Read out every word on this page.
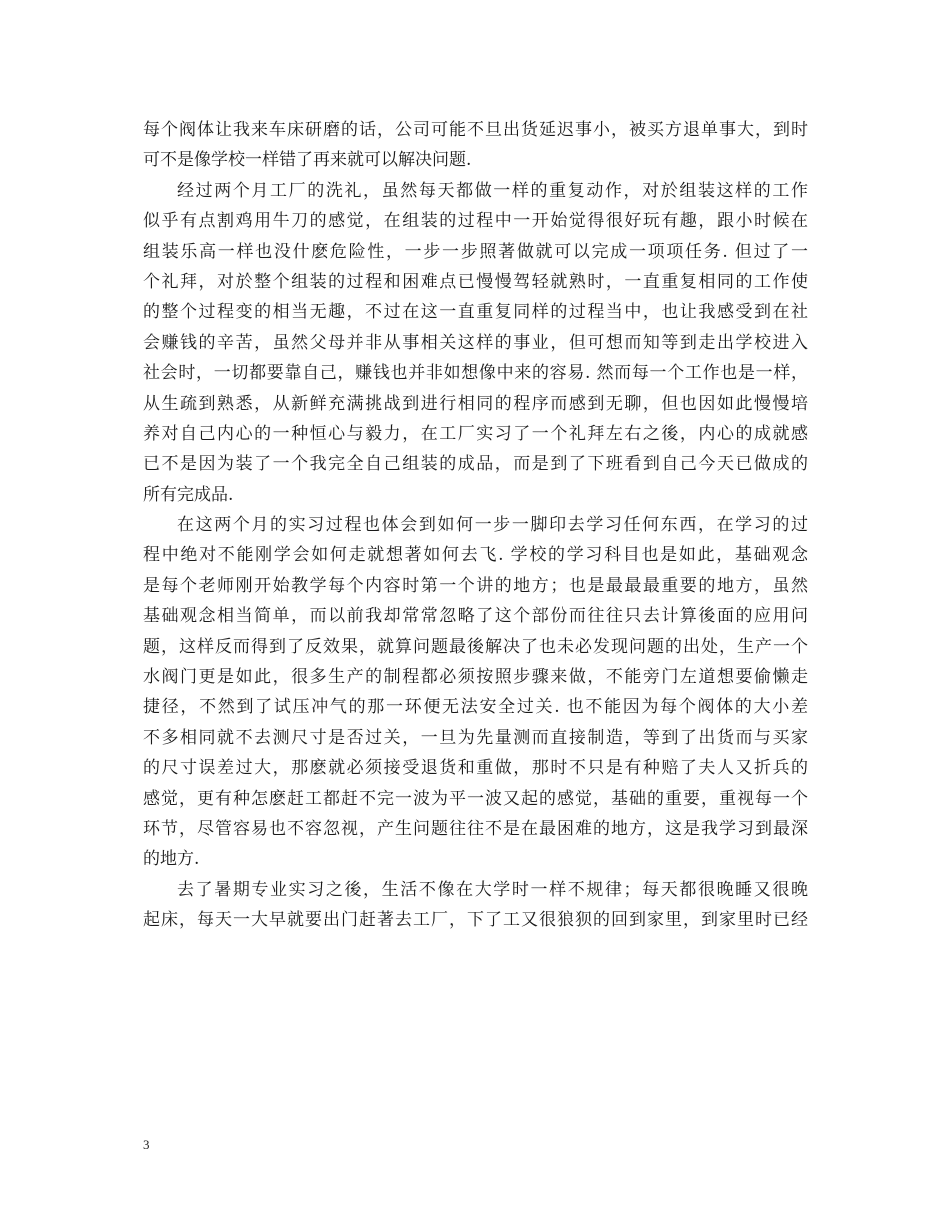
每个阀体让我来车床研磨的话，公司可能不旦出货延迟事小，被买方退单事大，到时
可不是像学校一样错了再来就可以解决问题.

经过两个月工厂的洗礼，虽然每天都做一样的重复动作，对於组装这样的工作
似乎有点割鸡用牛刀的感觉，在组装的过程中一开始觉得很好玩有趣，跟小时候在
组装乐高一样也没什麽危险性，一步一步照著做就可以完成一项项任务. 但过了一
个礼拜，对於整个组装的过程和困难点已慢慢驾轻就熟时，一直重复相同的工作使
的整个过程变的相当无趣，不过在这一直重复同样的过程当中，也让我感受到在社
会赚钱的辛苦，虽然父母并非从事相关这样的事业，但可想而知等到走出学校进入
社会时，一切都要靠自己，赚钱也并非如想像中来的容易. 然而每一个工作也是一样，
从生疏到熟悉，从新鲜充满挑战到进行相同的程序而感到无聊，但也因如此慢慢培
养对自己内心的一种恒心与毅力，在工厂实习了一个礼拜左右之後，内心的成就感
已不是因为装了一个我完全自己组装的成品，而是到了下班看到自己今天已做成的
所有完成品.

在这两个月的实习过程也体会到如何一步一脚印去学习任何东西，在学习的过
程中绝对不能刚学会如何走就想著如何去飞. 学校的学习科目也是如此，基础观念
是每个老师刚开始教学每个内容时第一个讲的地方；也是最最最重要的地方，虽然
基础观念相当简单，而以前我却常常忽略了这个部份而往往只去计算後面的应用问
题，这样反而得到了反效果，就算问题最後解决了也未必发现问题的出处，生产一个
水阀门更是如此，很多生产的制程都必须按照步骤来做，不能旁门左道想要偷懒走
捷径，不然到了试压冲气的那一环便无法安全过关. 也不能因为每个阀体的大小差
不多相同就不去测尺寸是否过关，一旦为先量测而直接制造，等到了出货而与买家
的尺寸误差过大，那麽就必须接受退货和重做，那时不只是有种赔了夫人又折兵的
感觉，更有种怎麽赶工都赶不完一波为平一波又起的感觉，基础的重要，重视每一个
环节，尽管容易也不容忽视，产生问题往往不是在最困难的地方，这是我学习到最深
的地方.

去了暑期专业实习之後，生活不像在大学时一样不规律；每天都很晚睡又很晚
起床，每天一大早就要出门赶著去工厂，下了工又很狼狈的回到家里，到家里时已经

3
